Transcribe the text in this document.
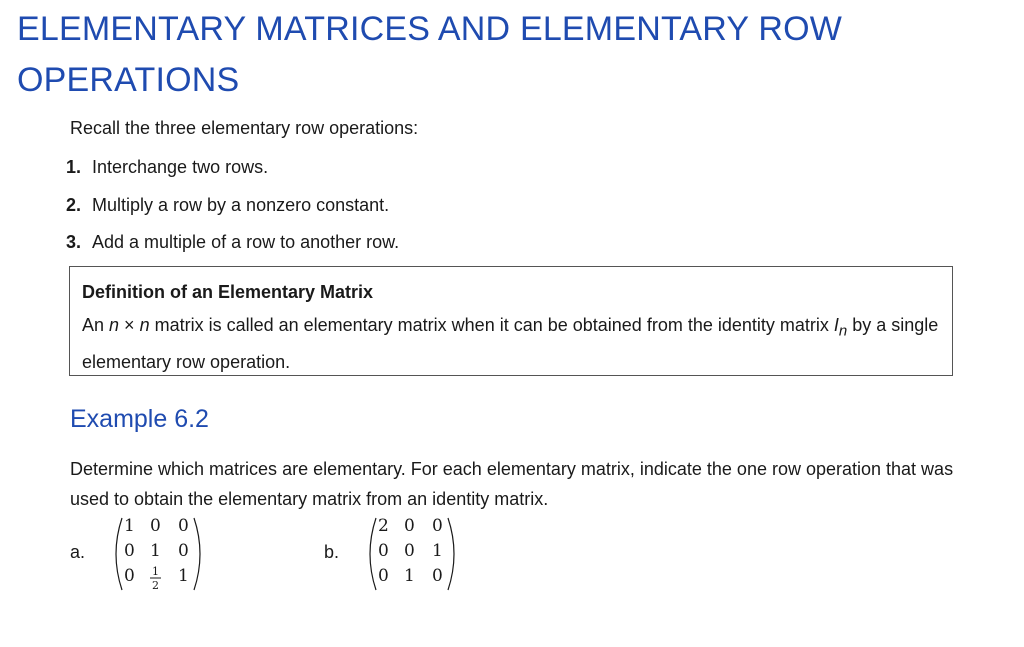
ELEMENTARY MATRICES AND ELEMENTARY ROW OPERATIONS

Recall the three elementary row operations:

1. Interchange two rows.
2. Multiply a row by a nonzero constant.
3. Add a multiple of a row to another row.

Definition of an Elementary Matrix

An n × n matrix is called an elementary matrix when it can be obtained from the identity matrix $I_n$ by a single elementary row operation.

Example 6.2

Determine which matrices are elementary. For each elementary matrix, indicate the one row operation that was used to obtain the elementary matrix from an identity matrix.

a.
1 0 0
0 1 0
0 1
2 1
b.
2 0 0
0 0 1
0 1 0
